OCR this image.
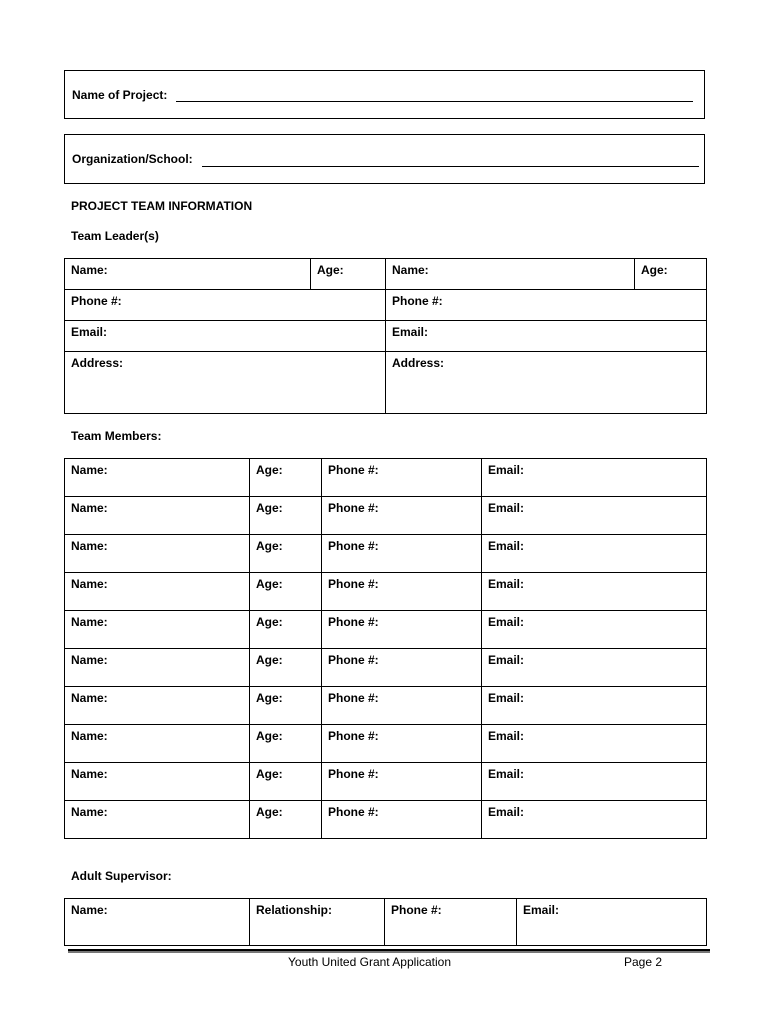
Name of Project:
Organization/School:
PROJECT TEAM INFORMATION
Team Leader(s)
Name:	Age:	Name:	Age:
Phone #:		Phone #:	
Email:		Email:	
Address:		Address:	
Team Members:
Name:	Age:	Phone #:	Email:
Name:	Age:	Phone #:	Email:
Name:	Age:	Phone #:	Email:
Name:	Age:	Phone #:	Email:
Name:	Age:	Phone #:	Email:
Name:	Age:	Phone #:	Email:
Name:	Age:	Phone #:	Email:
Name:	Age:	Phone #:	Email:
Name:	Age:	Phone #:	Email:
Name:	Age:	Phone #:	Email:
Adult Supervisor:
Name:	Relationship:	Phone #:	Email:
Youth United Grant Application	Page 2
